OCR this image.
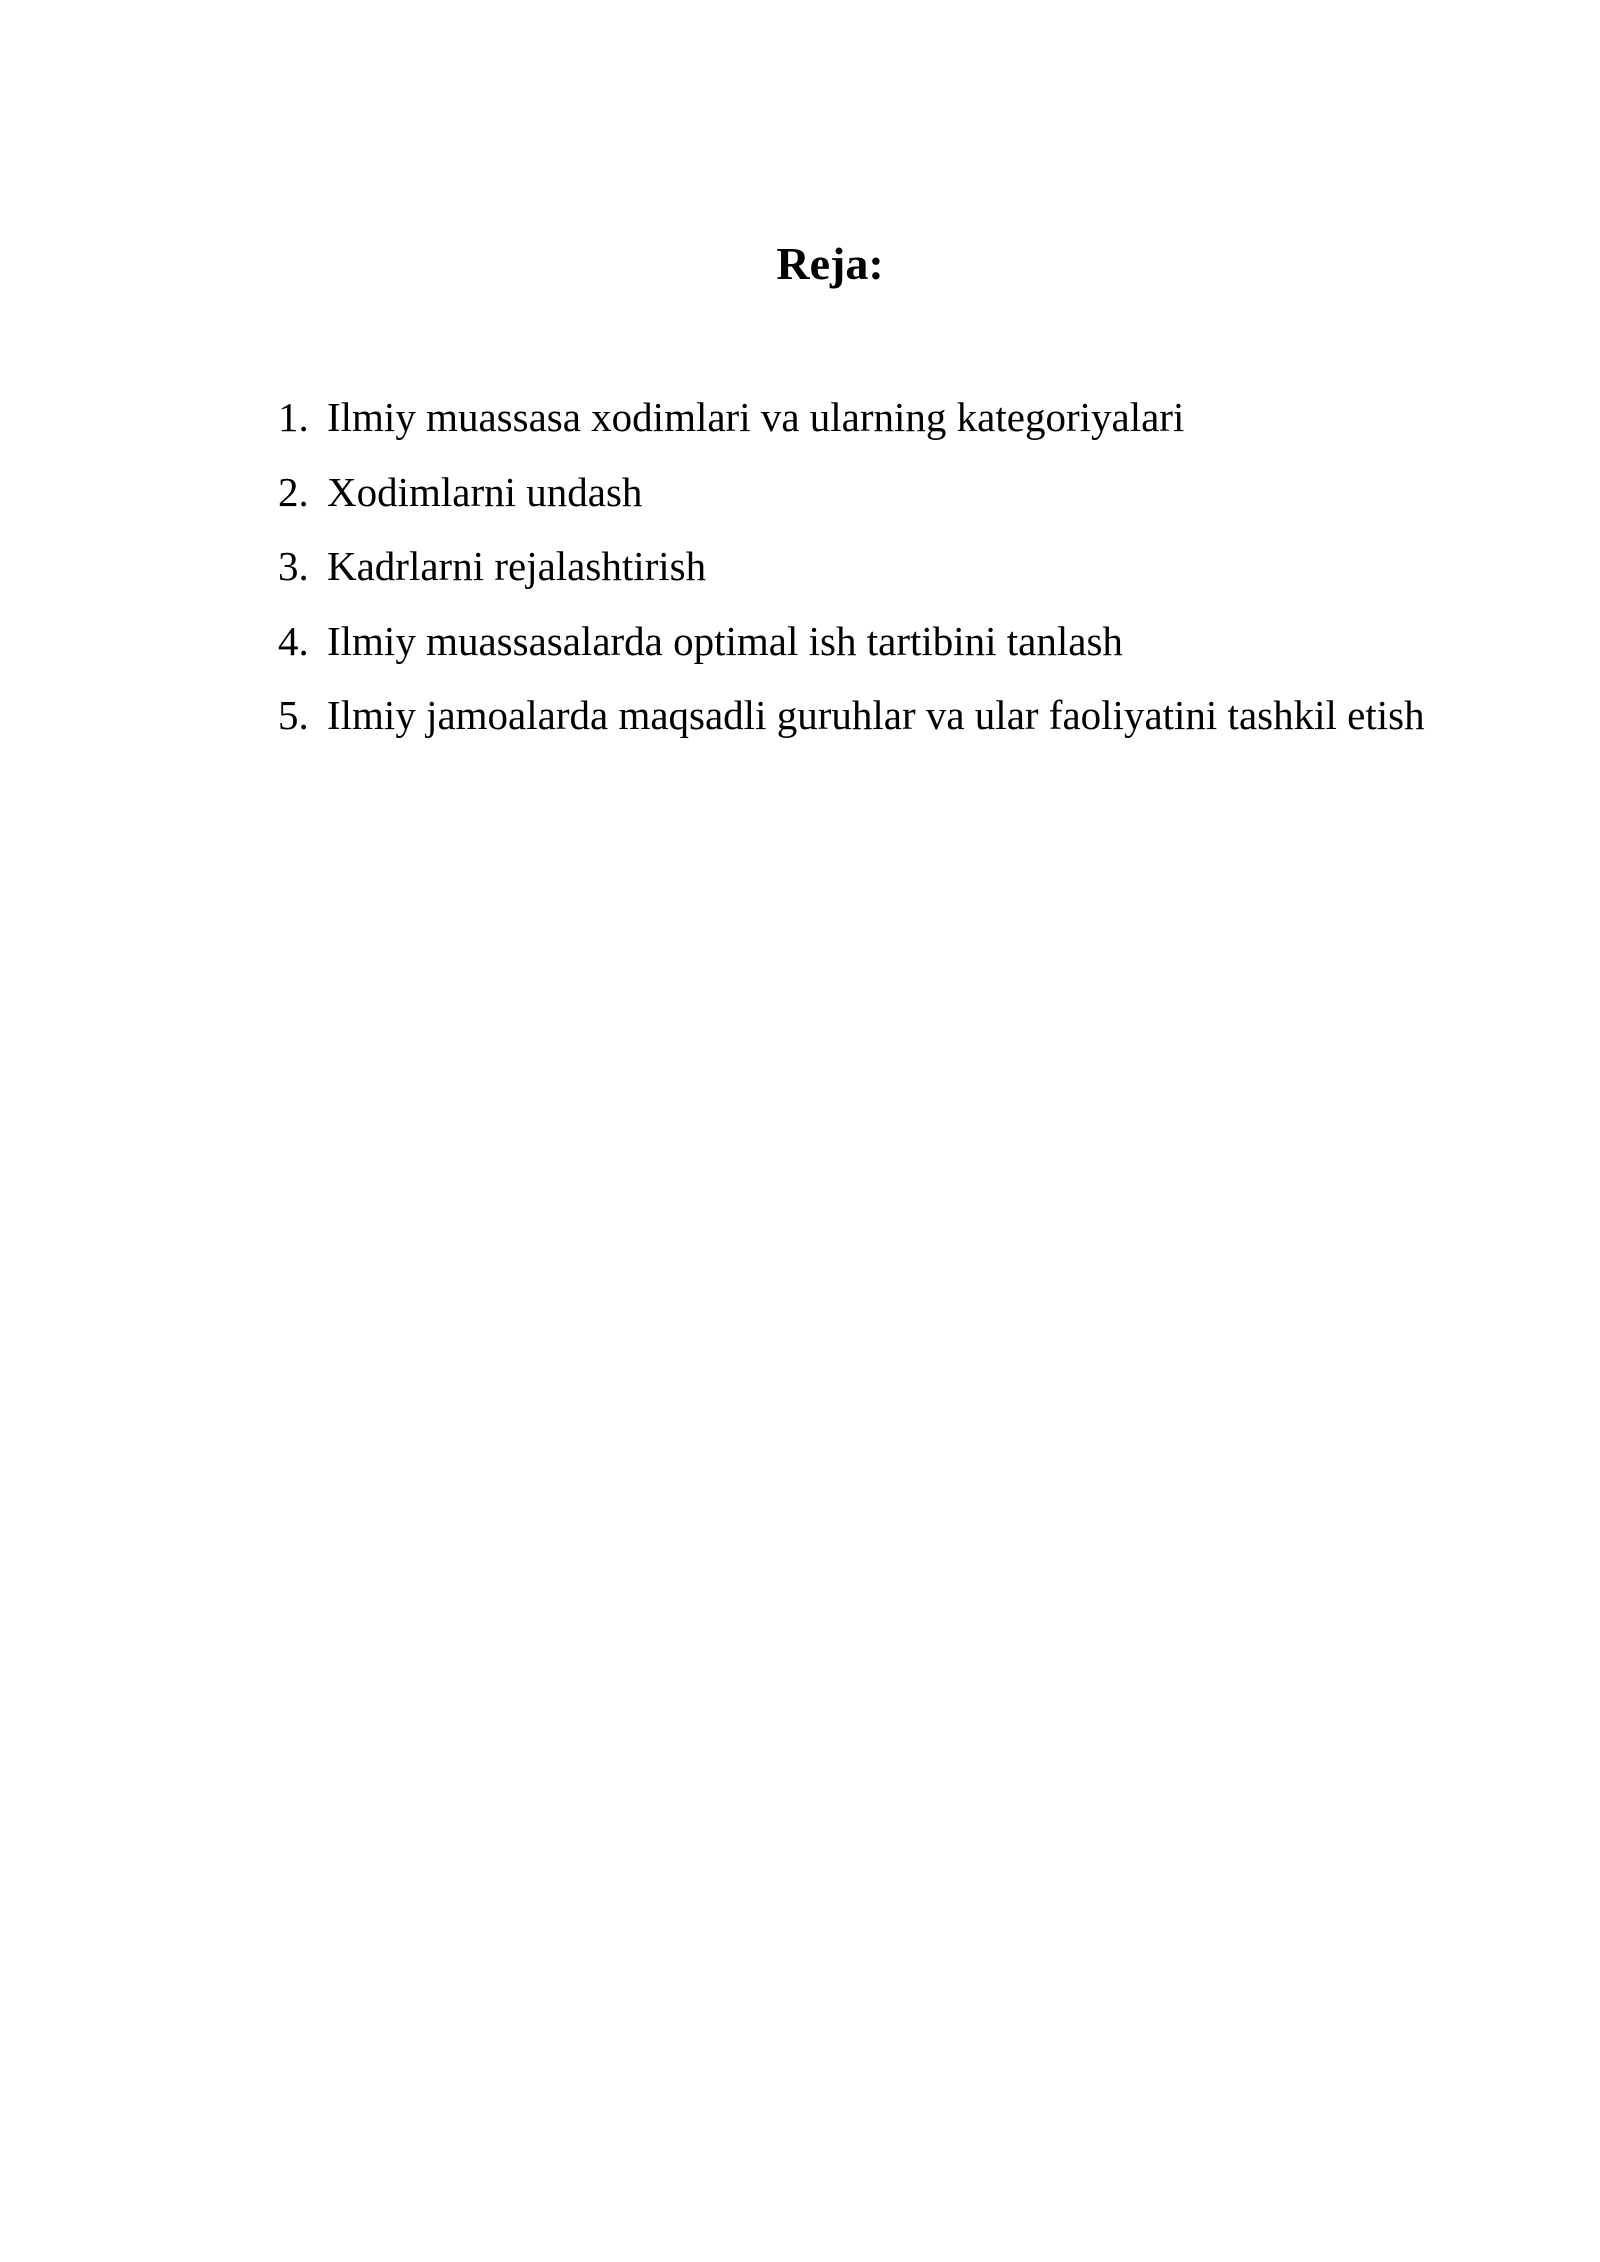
Reja:
1. Ilmiy muassasa xodimlari va ularning kategoriyalari
2. Xodimlarni undash
3. Kadrlarni rejalashtirish
4. Ilmiy muassasalarda optimal ish tartibini tanlash
5. Ilmiy jamoalarda maqsadli guruhlar va ular faoliyatini tashkil etish
